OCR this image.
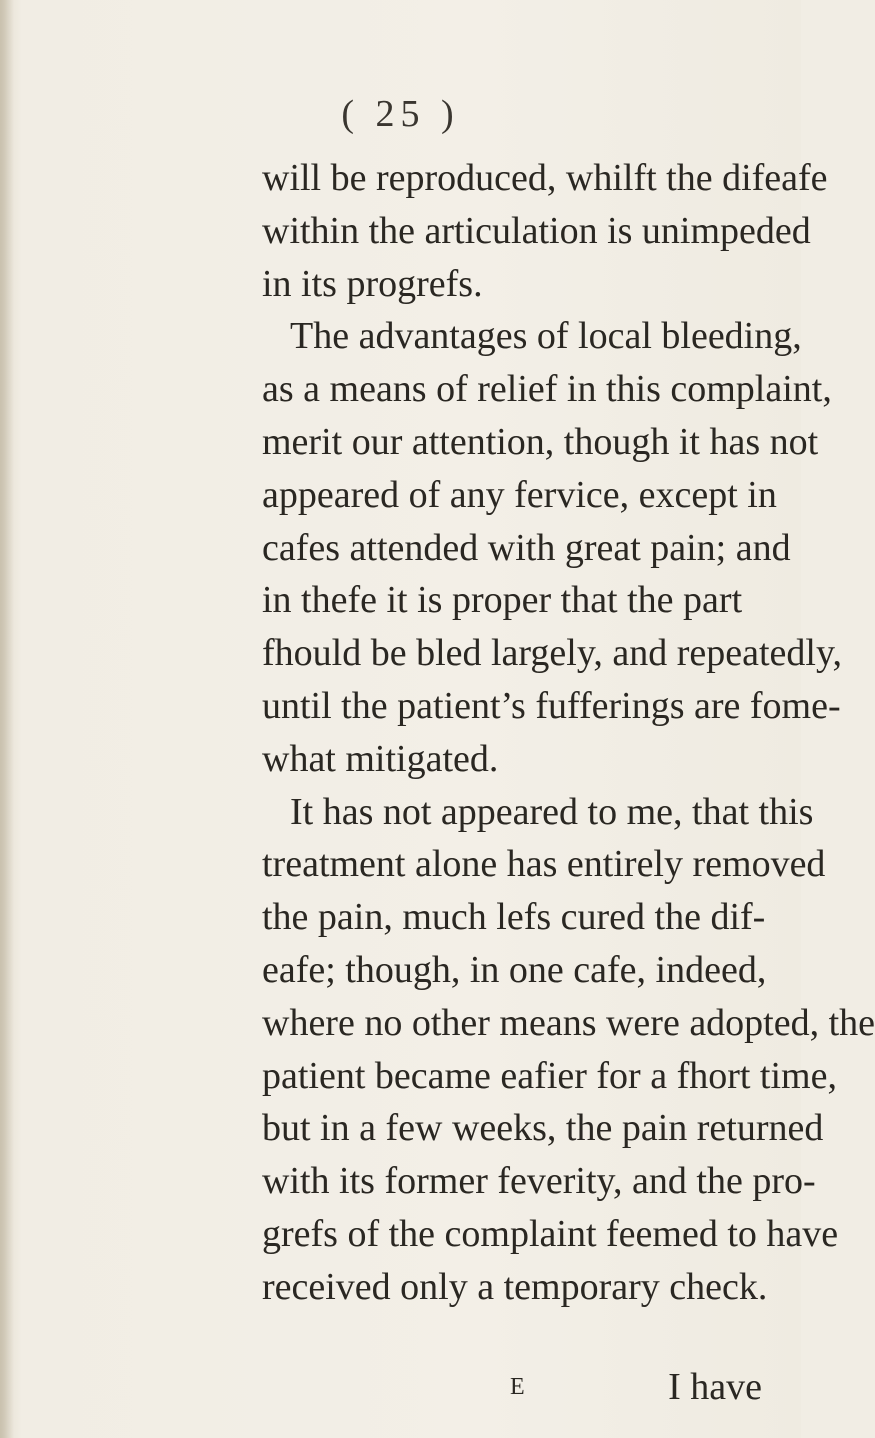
( 25 )
will be reproduced, whilft the difeafe
within the articulation is unimpeded
in its progrefs.
The advantages of local bleeding,
as a means of relief in this complaint,
merit our attention, though it has not
appeared of any fervice, except in
cafes attended with great pain; and
in thefe it is proper that the part
fhould be bled largely, and repeatedly,
until the patient’s fufferings are fome-
what mitigated.
It has not appeared to me, that this
treatment alone has entirely removed
the pain, much lefs cured the dif-
eafe; though, in one cafe, indeed,
where no other means were adopted, the
patient became eafier for a fhort time,
but in a few weeks, the pain returned
with its former feverity, and the pro-
grefs of the complaint feemed to have
received only a temporary check.
E	I have
